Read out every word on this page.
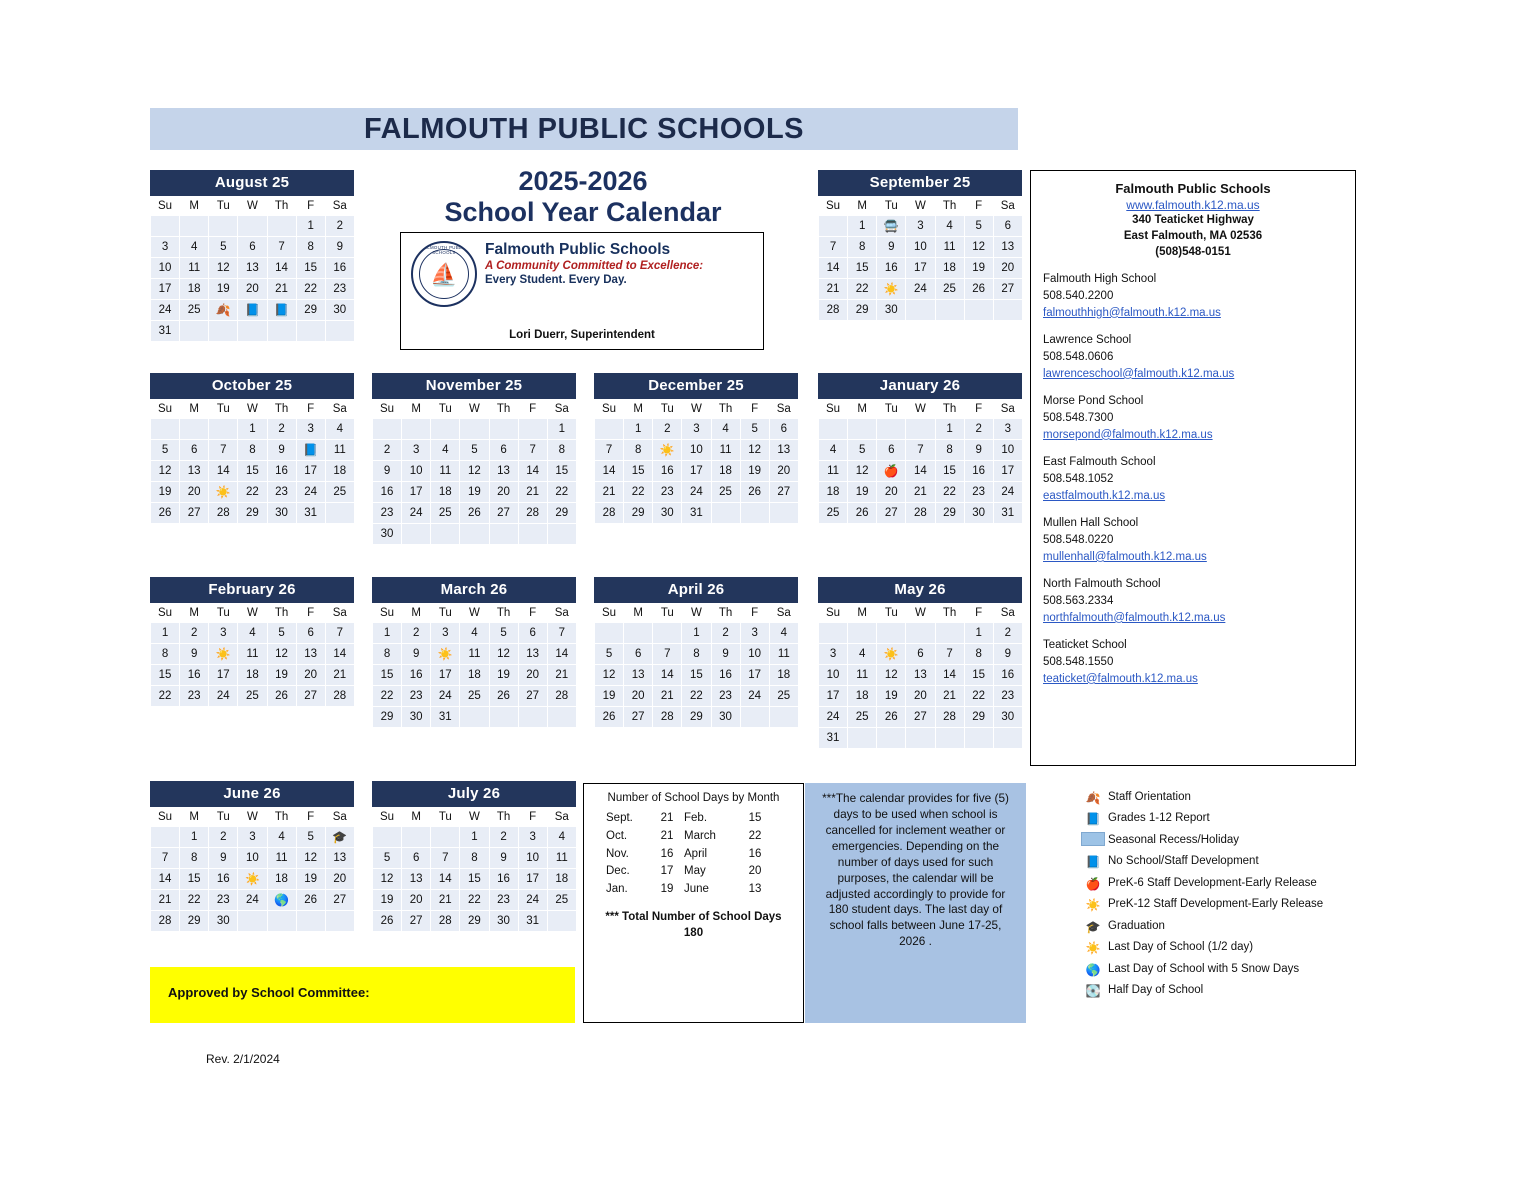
FALMOUTH PUBLIC SCHOOLS
2025-2026
School Year Calendar
FALMOUTH PUBLIC SCHOOLS
⛵
Falmouth Public Schools
A Community Committed to Excellence:
Every Student. Every Day.
Lori Duerr, Superintendent
August 25
Su	M	Tu	W	Th	F	Sa
					1	2
3	4	5	6	7	8	9
10	11	12	13	14	15	16
17	18	19	20	21	22	23
24	25	🍂	📘	📘	29	30
31						
September 25
Su	M	Tu	W	Th	F	Sa
	1	🚍	3	4	5	6
7	8	9	10	11	12	13
14	15	16	17	18	19	20
21	22	☀️	24	25	26	27
28	29	30				
October 25
Su	M	Tu	W	Th	F	Sa
			1	2	3	4
5	6	7	8	9	📘	11
12	13	14	15	16	17	18
19	20	☀️	22	23	24	25
26	27	28	29	30	31	
November 25
Su	M	Tu	W	Th	F	Sa
						1
2	3	4	5	6	7	8
9	10	11	12	13	14	15
16	17	18	19	20	21	22
23	24	25	26	27	28	29
30						
December 25
Su	M	Tu	W	Th	F	Sa
	1	2	3	4	5	6
7	8	☀️	10	11	12	13
14	15	16	17	18	19	20
21	22	23	24	25	26	27
28	29	30	31			
January 26
Su	M	Tu	W	Th	F	Sa
				1	2	3
4	5	6	7	8	9	10
11	12	🍎	14	15	16	17
18	19	20	21	22	23	24
25	26	27	28	29	30	31
February 26
Su	M	Tu	W	Th	F	Sa
1	2	3	4	5	6	7
8	9	☀️	11	12	13	14
15	16	17	18	19	20	21
22	23	24	25	26	27	28
March 26
Su	M	Tu	W	Th	F	Sa
1	2	3	4	5	6	7
8	9	☀️	11	12	13	14
15	16	17	18	19	20	21
22	23	24	25	26	27	28
29	30	31				
April 26
Su	M	Tu	W	Th	F	Sa
			1	2	3	4
5	6	7	8	9	10	11
12	13	14	15	16	17	18
19	20	21	22	23	24	25
26	27	28	29	30		
May 26
Su	M	Tu	W	Th	F	Sa
					1	2
3	4	☀️	6	7	8	9
10	11	12	13	14	15	16
17	18	19	20	21	22	23
24	25	26	27	28	29	30
31						
June 26
Su	M	Tu	W	Th	F	Sa
	1	2	3	4	5	🎓
7	8	9	10	11	12	13
14	15	16	☀️	18	19	20
21	22	23	24	🌎	26	27
28	29	30				
July 26
Su	M	Tu	W	Th	F	Sa
			1	2	3	4
5	6	7	8	9	10	11
12	13	14	15	16	17	18
19	20	21	22	23	24	25
26	27	28	29	30	31	
Falmouth Public Schools
www.falmouth.k12.ma.us
340 Teaticket Highway
East Falmouth, MA 02536
(508)548-0151
Falmouth High School
508.540.2200
falmouthhigh@falmouth.k12.ma.us
Lawrence School
508.548.0606
lawrenceschool@falmouth.k12.ma.us
Morse Pond School
508.548.7300
morsepond@falmouth.k12.ma.us
East Falmouth School
508.548.1052
eastfalmouth.k12.ma.us
Mullen Hall School
508.548.0220
mullenhall@falmouth.k12.ma.us
North Falmouth School
508.563.2334
northfalmouth@falmouth.k12.ma.us
Teaticket School
508.548.1550
teaticket@falmouth.k12.ma.us
Number of School Days by Month
Sept.	21 Feb.	15
Oct.	21 March	22
Nov.	16 April	16
Dec.	17 May	20
Jan.	19 June	13
*** Total Number of School Days
180
***The calendar provides for five (5) days to be used when school is cancelled for inclement weather or emergencies. Depending on the number of days used for such purposes, the calendar will be adjusted accordingly to provide for 180 student days. The last day of school falls between June 17-25, 2026 .
🍂 Staff Orientation
📘 Grades 1-12 Report
Seasonal Recess/Holiday
📘 No School/Staff Development
🍎 PreK-6 Staff Development-Early Release
☀️ PreK-12 Staff Development-Early Release
🎓 Graduation
☀️ Last Day of School (1/2 day)
🌎 Last Day of School with 5 Snow Days
💽 Half Day of School
Approved by School Committee:
Rev. 2/1/2024
